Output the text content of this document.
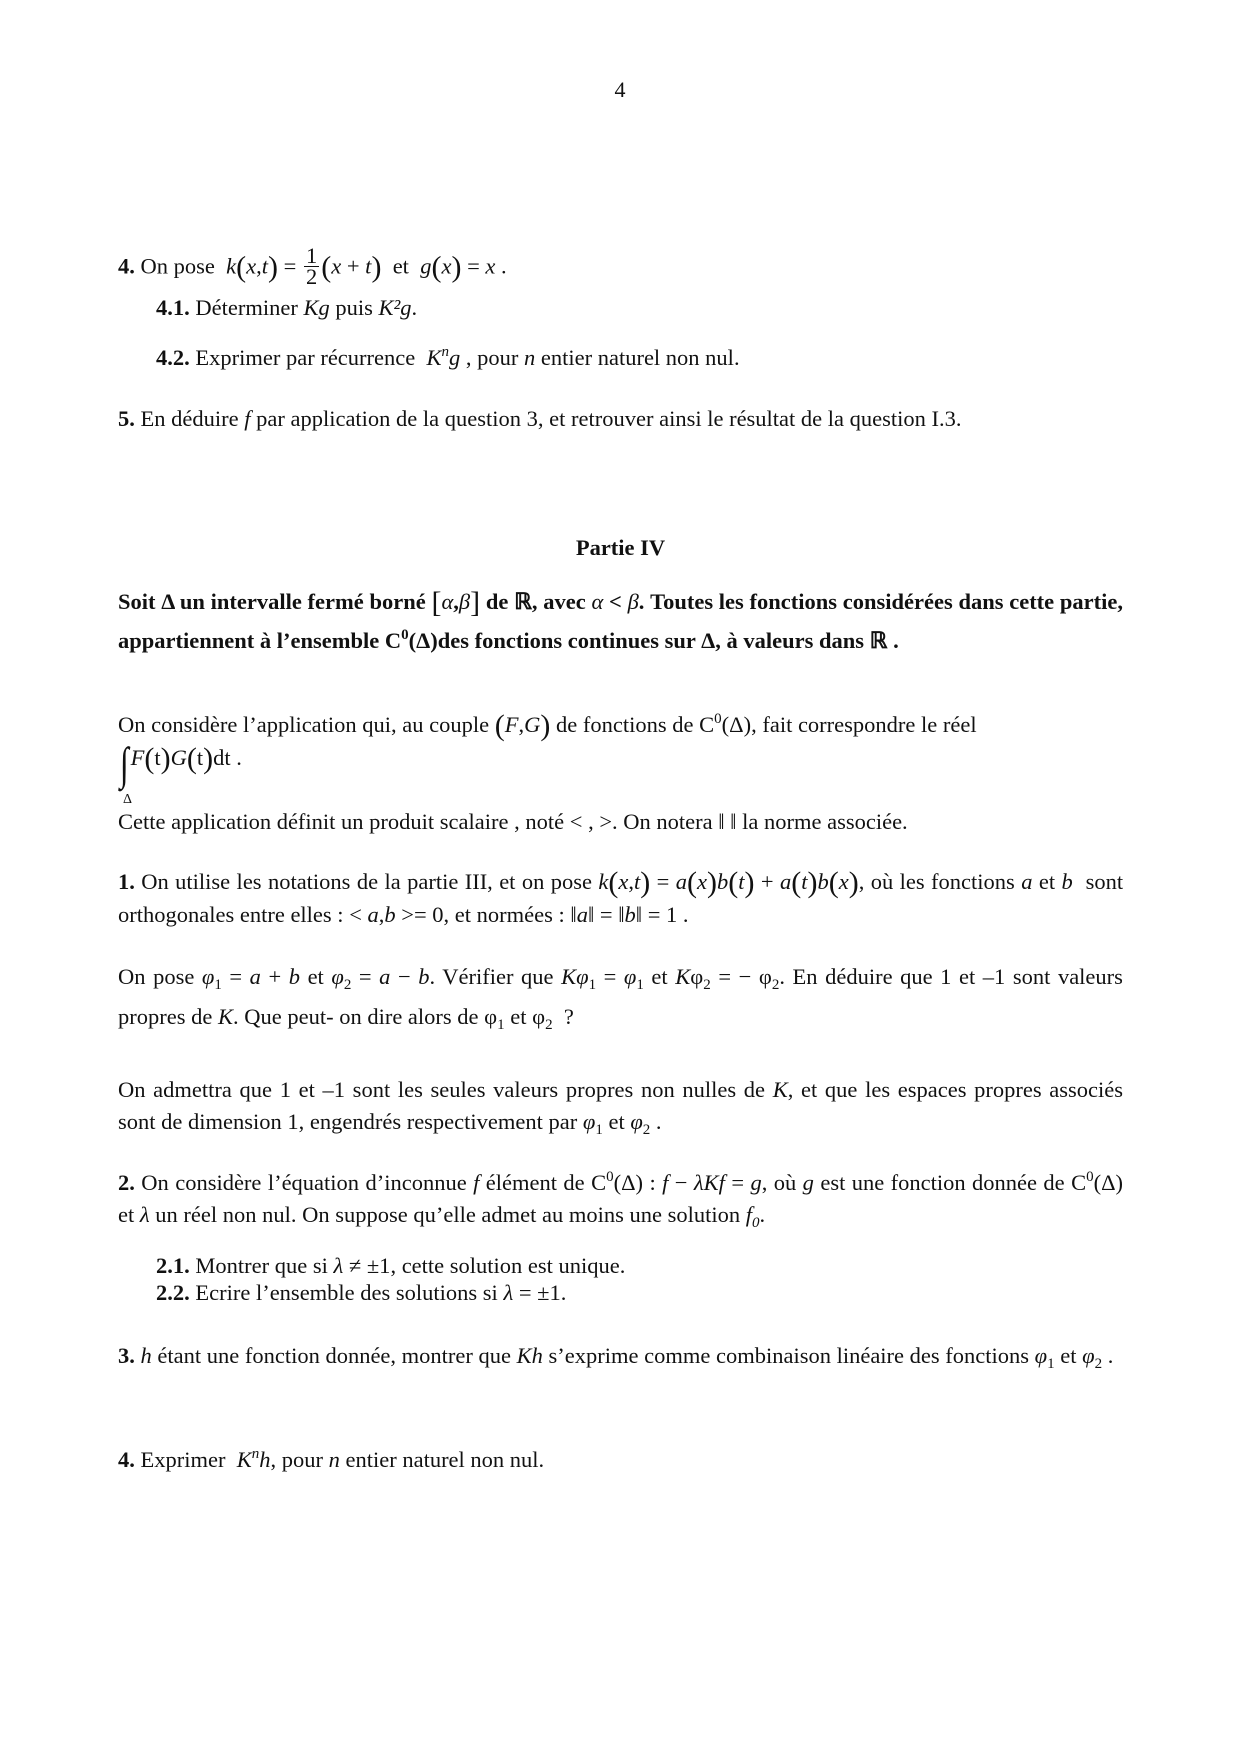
4
4. On pose $k(x,t) = \frac{1}{2} (x + t)$ et g(x) = x .
4.1. Déterminer Kg puis K²g.
4.2. Exprimer par récurrence $K^ng$ , pour n entier naturel non nul.
5. En déduire f par application de la question 3, et retrouver ainsi le résultat de la question I.3.
Partie IV
Soit Δ un intervalle fermé borné [α,β] de ℝ, avec α < β. Toutes les fonctions considérées dans cette partie, appartiennent à l’ensemble $C^0(\Delta)des$ fonctions continues sur Δ, à valeurs dans ℝ .
On considère l’application qui, au couple (F,G) de fonctions de $C^0(\Delta)$, fait correspondre le réel
∫F(t)G(t)dt .
Δ
Cette application définit un produit scalaire , noté < , >. On notera ‖ ‖ la norme associée.
1. On utilise les notations de la partie III, et on pose k(x,t) = a(x)b(t) + a(t)b(x), où les fonctions a et b sont orthogonales entre elles : < a,b >= 0, et normées : ‖a‖ = ‖b‖ = 1 .
On pose $\varphi_1 = a + b$ et $\varphi_2 = a - b$. Vérifier que $K\varphi_1 = \varphi_1$ et $K\varphi_2$ = − $\varphi_2$. En déduire que 1 et –1 sont valeurs propres de K. Que peut- on dire alors de $\varphi_1$ et $\varphi_2$ ?
On admettra que 1 et –1 sont les seules valeurs propres non nulles de K, et que les espaces propres associés sont de dimension 1, engendrés respectivement par $\varphi_1$ et $\varphi_2$ .
2. On considère l’équation d’inconnue f élément de $C^0(\Delta)$ : f − λKf = g, où g est une fonction donnée de $C^0(\Delta)$ et λ un réel non nul. On suppose qu’elle admet au moins une solution $f_0$.
2.1. Montrer que si λ ≠ ±1, cette solution est unique.
2.2. Ecrire l’ensemble des solutions si λ = ±1.
3. h étant une fonction donnée, montrer que Kh s’exprime comme combinaison linéaire des fonctions $\varphi_1$ et $\varphi_2$ .
4. Exprimer $K^nh$, pour n entier naturel non nul.
